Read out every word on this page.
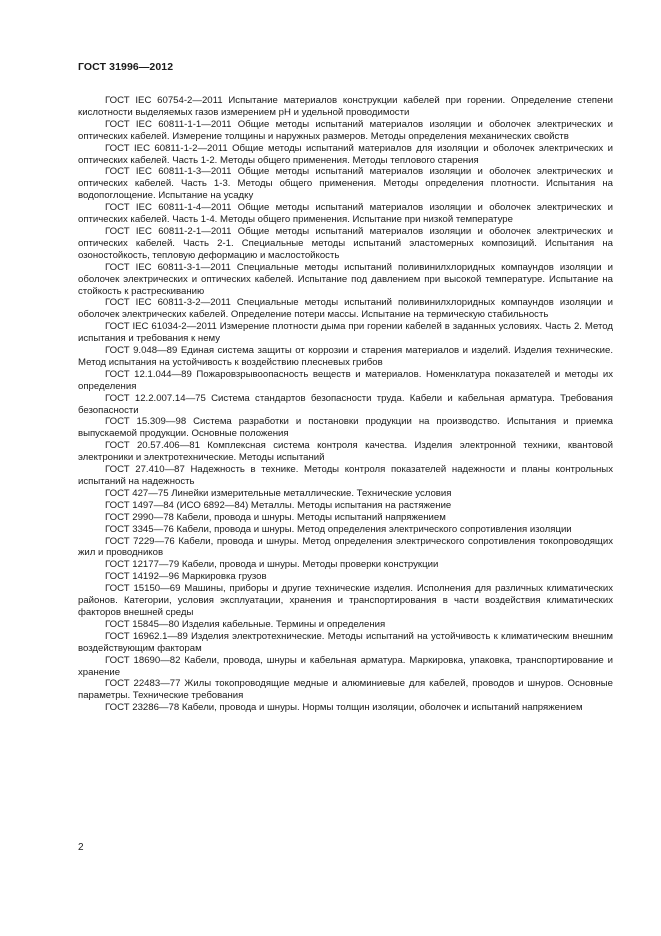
ГОСТ 31996—2012

ГОСТ IEC 60754-2—2011 Испытание материалов конструкции кабелей при горении. Определение степени кислотности выделяемых газов измерением pH и удельной проводимости

ГОСТ IEC 60811-1-1—2011 Общие методы испытаний материалов изоляции и оболочек электрических и оптических кабелей. Измерение толщины и наружных размеров. Методы определения механических свойств

ГОСТ IEC 60811-1-2—2011 Общие методы испытаний материалов для изоляции и оболочек электрических и оптических кабелей. Часть 1-2. Методы общего применения. Методы теплового старения

ГОСТ IEC 60811-1-3—2011 Общие методы испытаний материалов изоляции и оболочек электрических и оптических кабелей. Часть 1-3. Методы общего применения. Методы определения плотности. Испытания на водопоглощение. Испытание на усадку

ГОСТ IEC 60811-1-4—2011 Общие методы испытаний материалов изоляции и оболочек электрических и оптических кабелей. Часть 1-4. Методы общего применения. Испытание при низкой температуре

ГОСТ IEC 60811-2-1—2011 Общие методы испытаний материалов изоляции и оболочек электрических и оптических кабелей. Часть 2-1. Специальные методы испытаний эластомерных композиций. Испытания на озоностойкость, тепловую деформацию и маслостойкость

ГОСТ IEC 60811-3-1—2011 Специальные методы испытаний поливинилхлоридных компаундов изоляции и оболочек электрических и оптических кабелей. Испытание под давлением при высокой температуре. Испытание на стойкость к растрескиванию

ГОСТ IEC 60811-3-2—2011 Специальные методы испытаний поливинилхлоридных компаундов изоляции и оболочек электрических кабелей. Определение потери массы. Испытание на термическую стабильность

ГОСТ IEC 61034-2—2011 Измерение плотности дыма при горении кабелей в заданных условиях. Часть 2. Метод испытания и требования к нему

ГОСТ 9.048—89 Единая система защиты от коррозии и старения материалов и изделий. Изделия технические. Метод испытания на устойчивость к воздействию плесневых грибов

ГОСТ 12.1.044—89 Пожаровзрывоопасность веществ и материалов. Номенклатура показателей и методы их определения

ГОСТ 12.2.007.14—75 Система стандартов безопасности труда. Кабели и кабельная арматура. Требования безопасности

ГОСТ 15.309—98 Система разработки и постановки продукции на производство. Испытания и приемка выпускаемой продукции. Основные положения

ГОСТ 20.57.406—81 Комплексная система контроля качества. Изделия электронной техники, квантовой электроники и электротехнические. Методы испытаний

ГОСТ 27.410—87 Надежность в технике. Методы контроля показателей надежности и планы контрольных испытаний на надежность

ГОСТ 427—75 Линейки измерительные металлические. Технические условия

ГОСТ 1497—84 (ИСО 6892—84) Металлы. Методы испытания на растяжение

ГОСТ 2990—78 Кабели, провода и шнуры. Методы испытаний напряжением

ГОСТ 3345—76 Кабели, провода и шнуры. Метод определения электрического сопротивления изоляции

ГОСТ 7229—76 Кабели, провода и шнуры. Метод определения электрического сопротивления токопроводящих жил и проводников

ГОСТ 12177—79 Кабели, провода и шнуры. Методы проверки конструкции

ГОСТ 14192—96 Маркировка грузов

ГОСТ 15150—69 Машины, приборы и другие технические изделия. Исполнения для различных климатических районов. Категории, условия эксплуатации, хранения и транспортирования в части воздействия климатических факторов внешней среды

ГОСТ 15845—80 Изделия кабельные. Термины и определения

ГОСТ 16962.1—89 Изделия электротехнические. Методы испытаний на устойчивость к климатическим внешним воздействующим факторам

ГОСТ 18690—82 Кабели, провода, шнуры и кабельная арматура. Маркировка, упаковка, транспортирование и хранение

ГОСТ 22483—77 Жилы токопроводящие медные и алюминиевые для кабелей, проводов и шнуров. Основные параметры. Технические требования

ГОСТ 23286—78 Кабели, провода и шнуры. Нормы толщин изоляции, оболочек и испытаний напряжением

2
